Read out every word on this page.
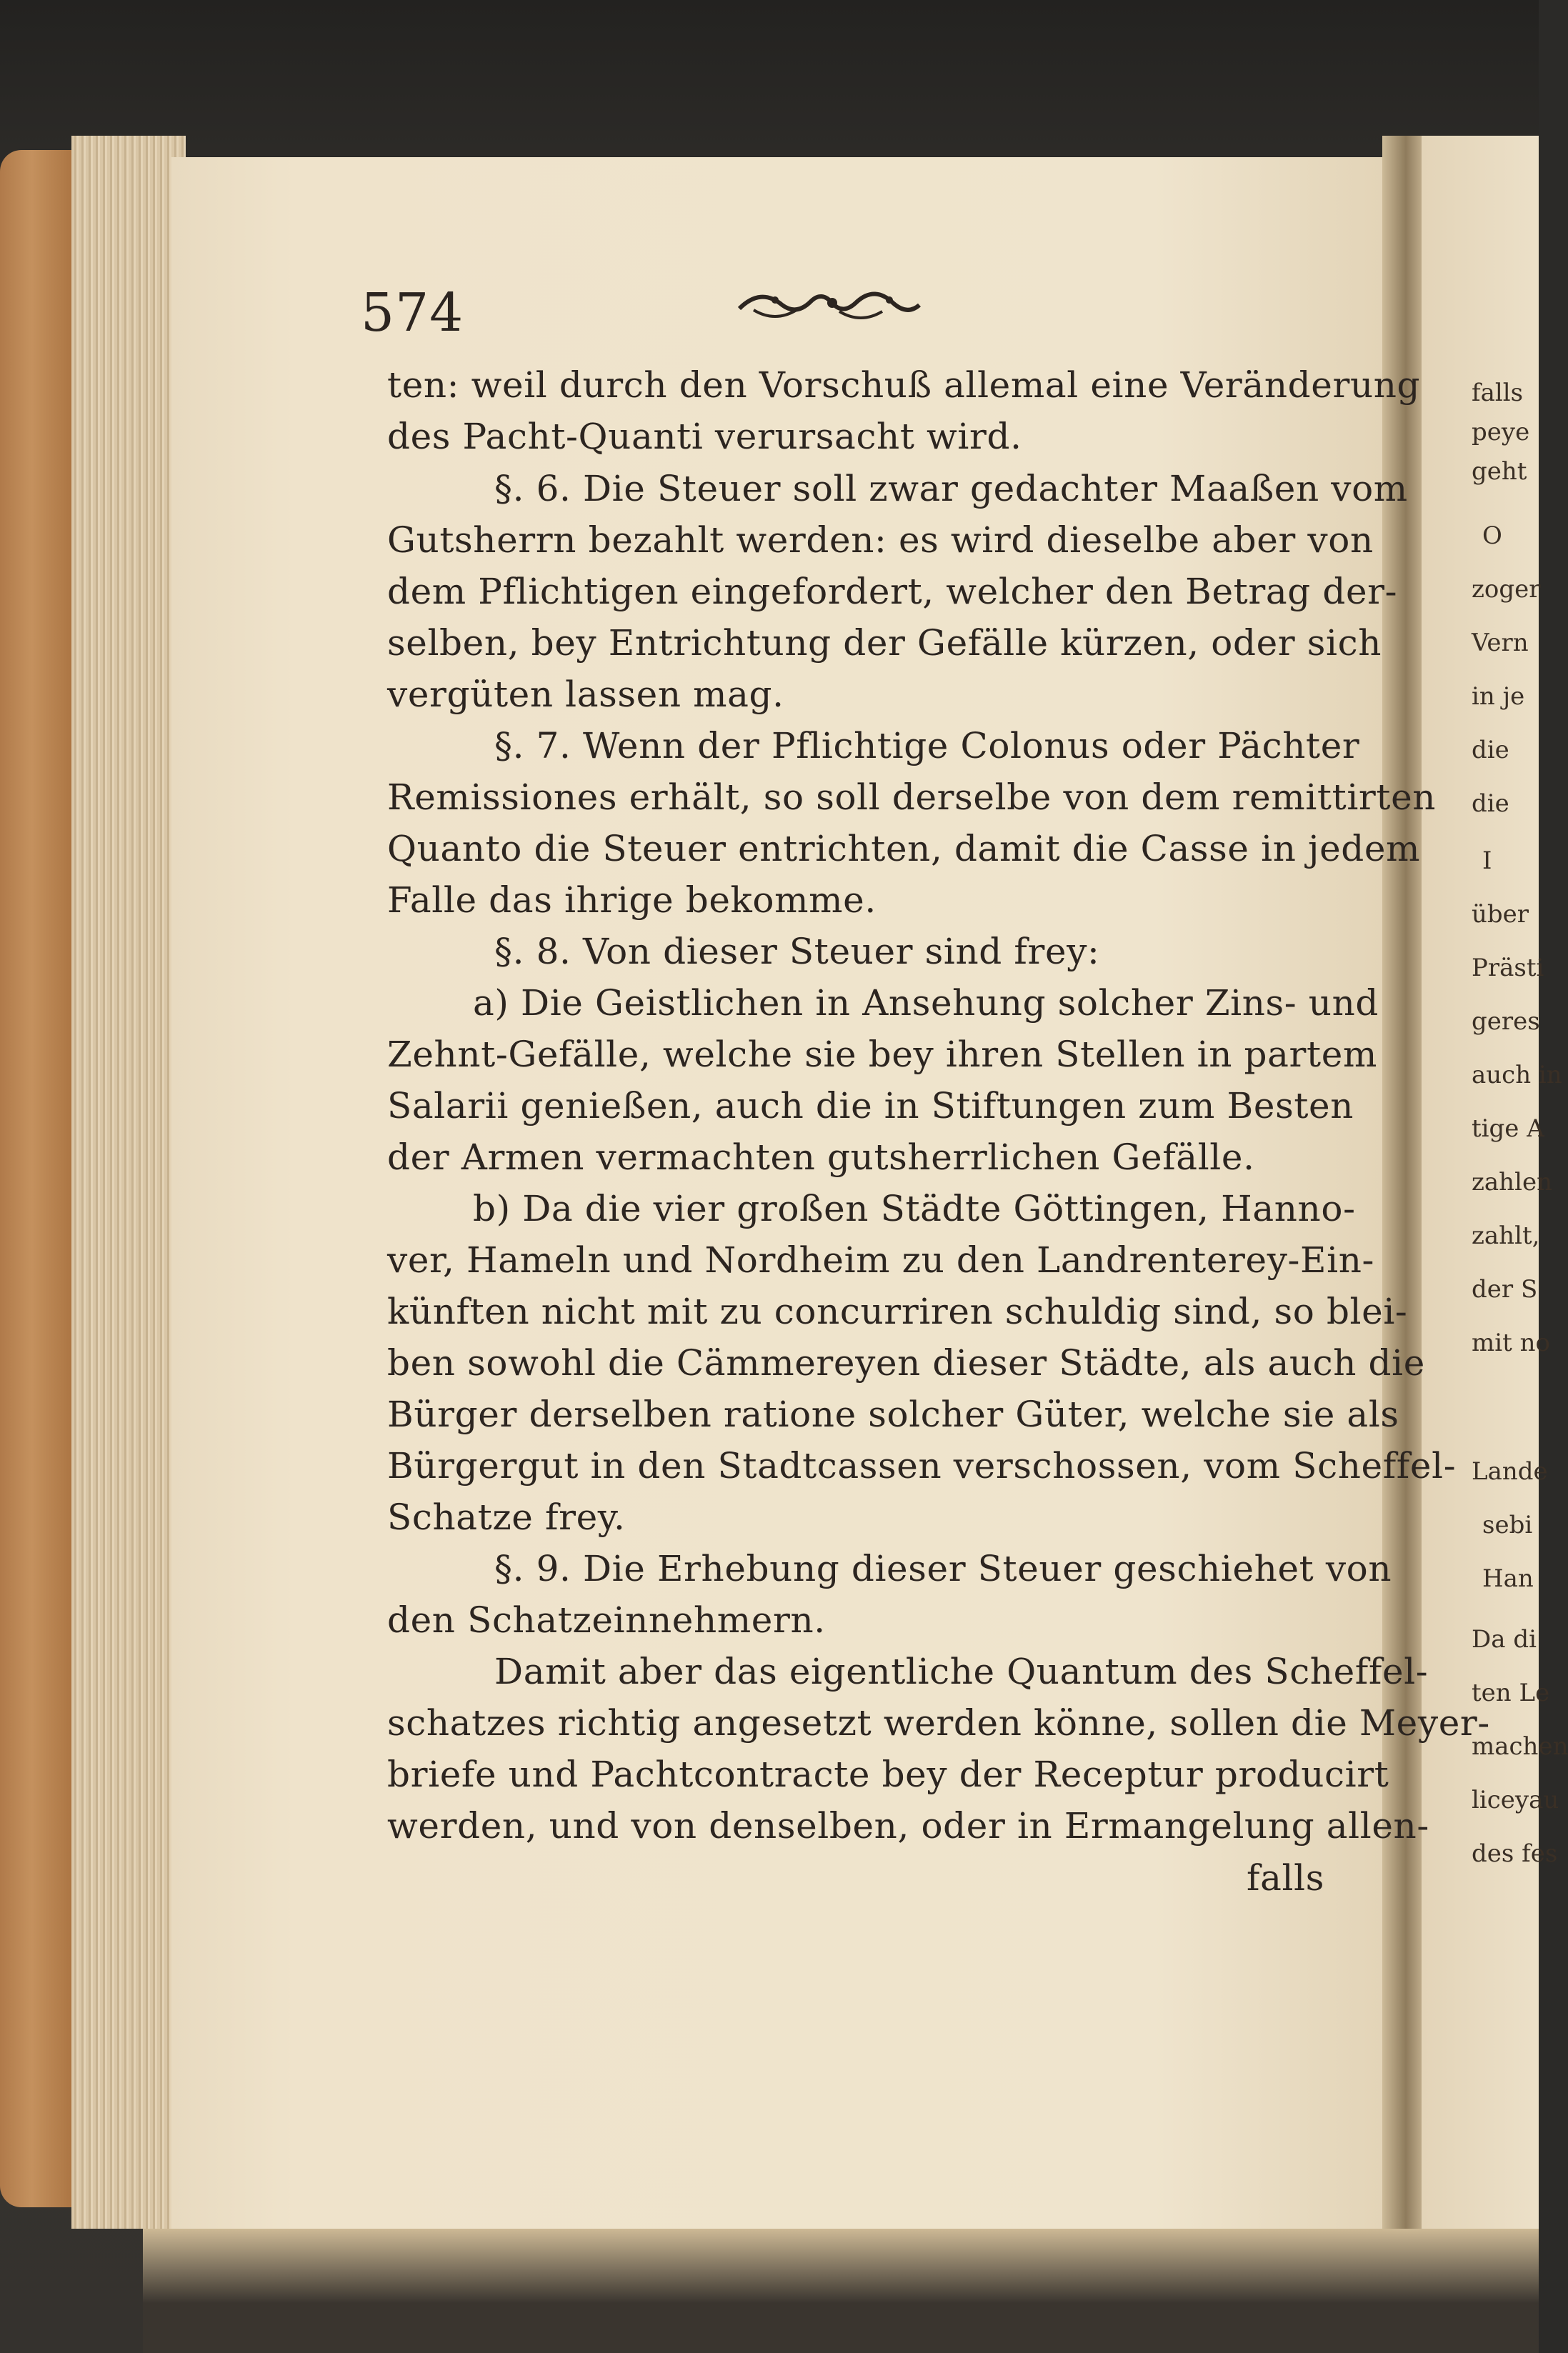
574
ten: weil durch den Vorschuß allemal eine Veränderung
des Pacht-Quanti verursacht wird.
§. 6. Die Steuer soll zwar gedachter Maaßen vom
Gutsherrn bezahlt werden: es wird dieselbe aber von
dem Pflichtigen eingefordert, welcher den Betrag der-
selben, bey Entrichtung der Gefälle kürzen, oder sich
vergüten lassen mag.
§. 7. Wenn der Pflichtige Colonus oder Pächter
Remissiones erhält, so soll derselbe von dem remittirten
Quanto die Steuer entrichten, damit die Casse in jedem
Falle das ihrige bekomme.
§. 8. Von dieser Steuer sind frey:
a) Die Geistlichen in Ansehung solcher Zins- und
Zehnt-Gefälle, welche sie bey ihren Stellen in partem
Salarii genießen, auch die in Stiftungen zum Besten
der Armen vermachten gutsherrlichen Gefälle.
b) Da die vier großen Städte Göttingen, Hanno-
ver, Hameln und Nordheim zu den Landrenterey-Ein-
künften nicht mit zu concurriren schuldig sind, so blei-
ben sowohl die Cämmereyen dieser Städte, als auch die
Bürger derselben ratione solcher Güter, welche sie als
Bürgergut in den Stadtcassen verschossen, vom Scheffel-
Schatze frey.
§. 9. Die Erhebung dieser Steuer geschiehet von
den Schatzeinnehmern.
Damit aber das eigentliche Quantum des Scheffel-
schatzes richtig angesetzt werden könne, sollen die Meyer-
briefe und Pachtcontracte bey der Receptur producirt
werden, und von denselben, oder in Ermangelung allen-
falls
falls
peye
geht
O
zoger
Vern
in je
die
die
I
über
Prästi
geres
auch in
tige A
zahlen
zahlt,
der S
mit no
Lande
sebi
Han
Da di
ten Le
machen
liceyau
des fes
